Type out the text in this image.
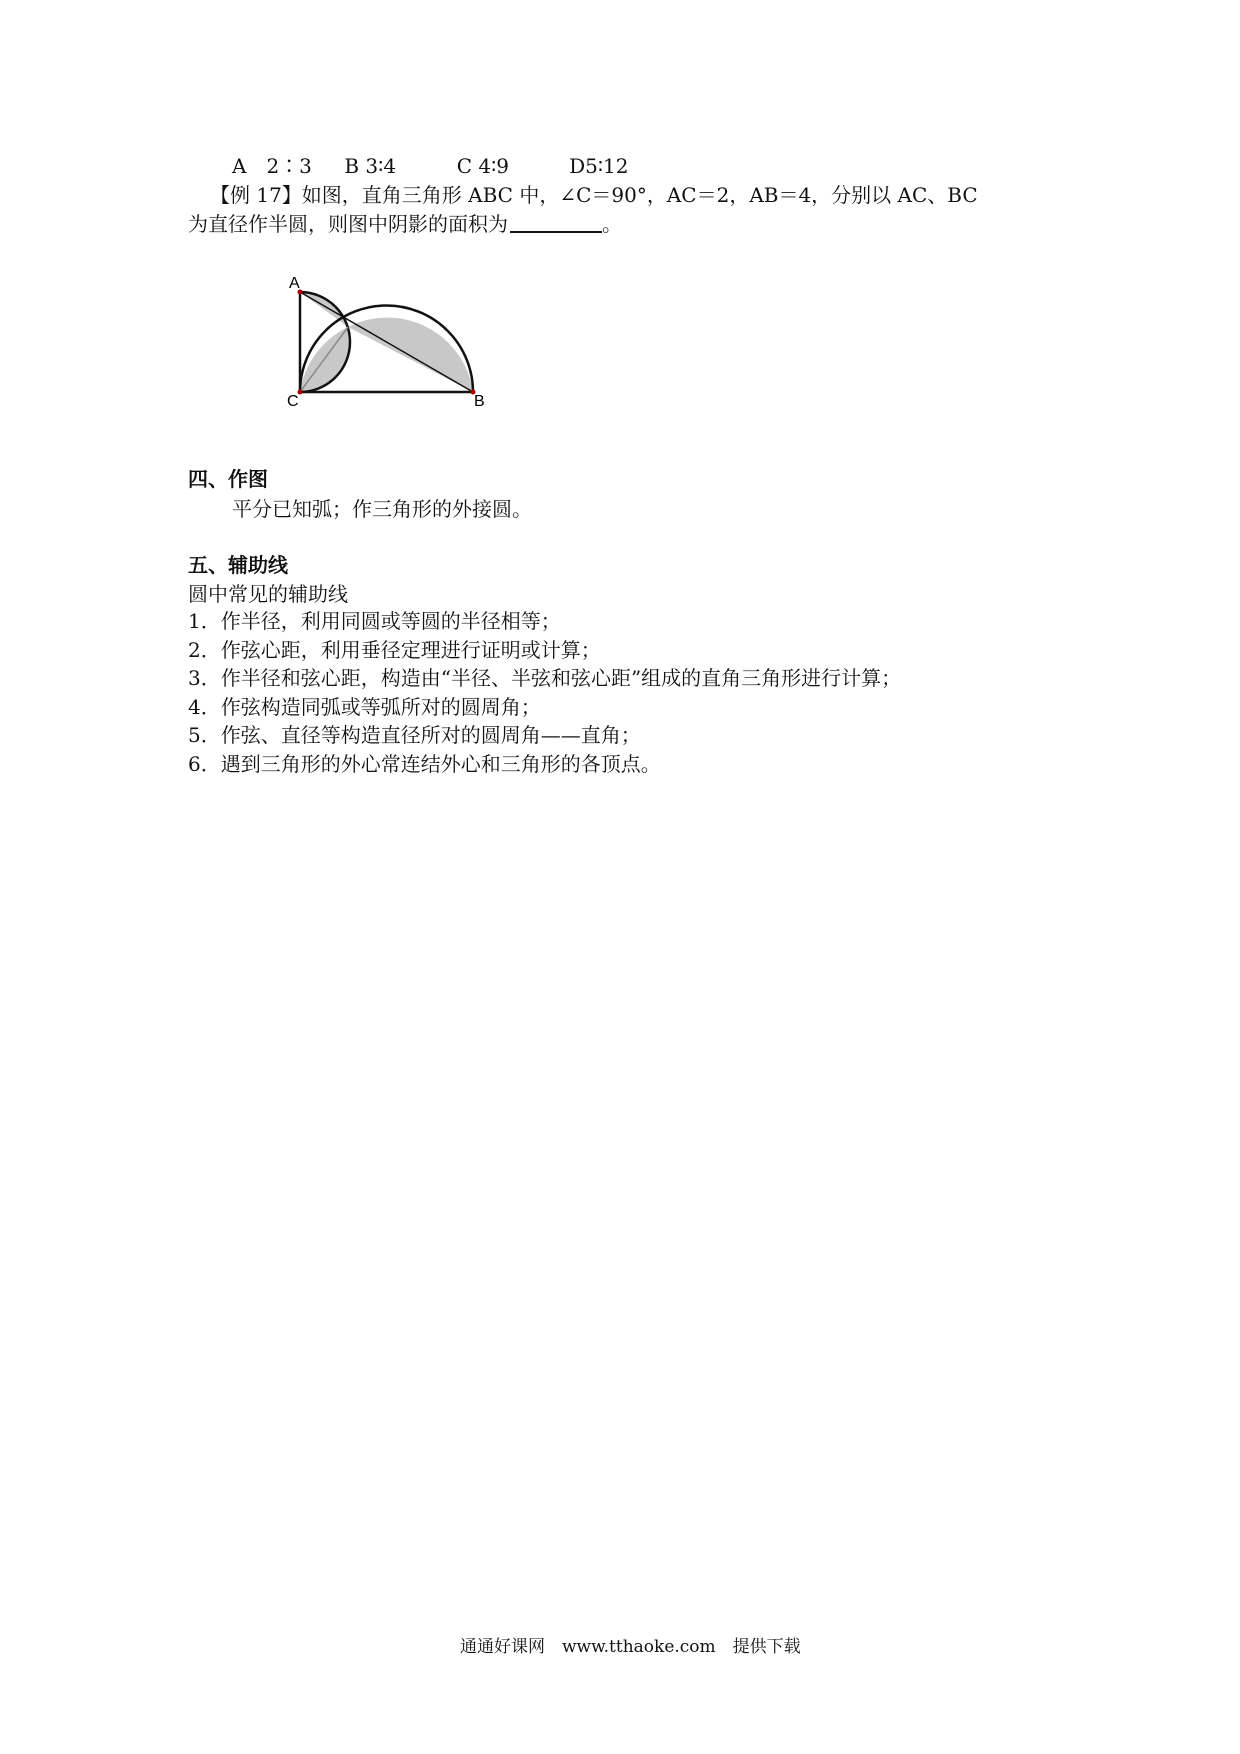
A　2∶3 B 3∶4	C 4∶9	D5∶12
【例 17】如图，直角三角形 ABC 中，∠C＝90°，AC＝2，AB＝4，分别以 AC、BC
为直径作半圆，则图中阴影的面积为	。
A
B
C
四、作图
平分已知弧；作三角形的外接圆。
五、辅助线
圆中常见的辅助线
1．作半径，利用同圆或等圆的半径相等；
2．作弦心距，利用垂径定理进行证明或计算；
3．作半径和弦心距，构造由“半径、半弦和弦心距”组成的直角三角形进行计算；
4．作弦构造同弧或等弧所对的圆周角；
5．作弦、直径等构造直径所对的圆周角——直角；
6．遇到三角形的外心常连结外心和三角形的各顶点。
通通好课网　www.tthaoke.com　提供下载
